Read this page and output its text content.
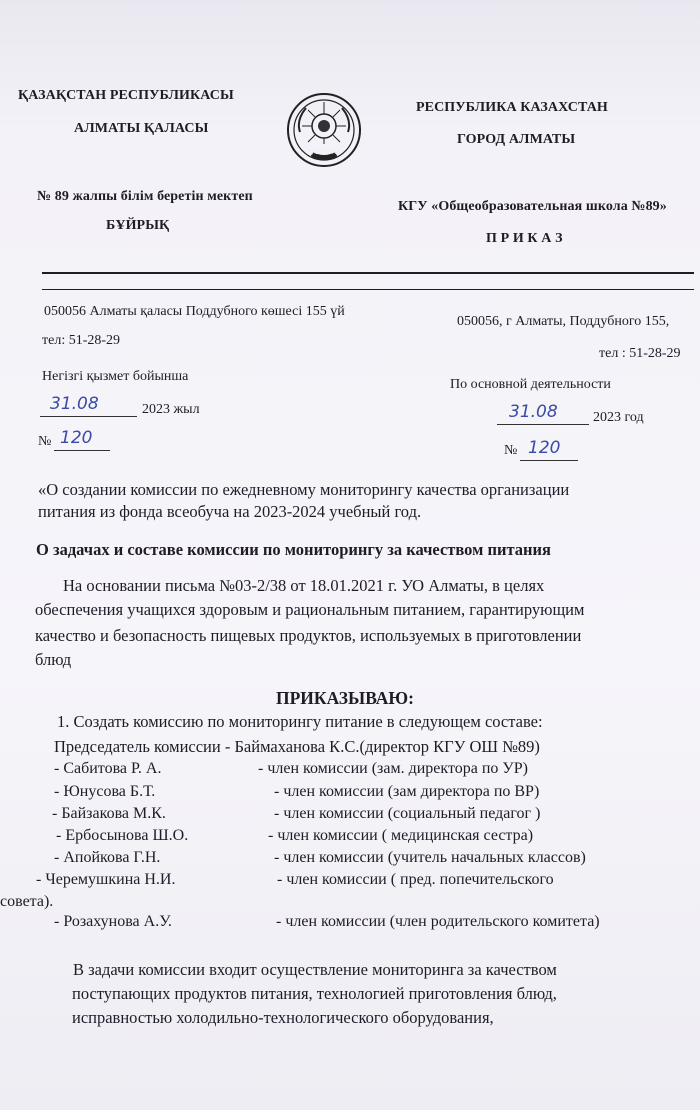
ҚАЗАҚСТАН РЕСПУБЛИКАСЫ
АЛМАТЫ ҚАЛАСЫ
ҚАЗАҚСТАН
РЕСПУБЛИКА КАЗАХСТАН
ГОРОД АЛМАТЫ
№ 89 жалпы білім беретін мектеп
БҰЙРЫҚ
КГУ «Общеобразовательная школа №89»
П Р И К А З
050056 Алматы қаласы Поддубного көшесі 155 үй
050056, г Алматы, Поддубного 155,
тел: 51-28-29
тел : 51-28-29
Негізгі қызмет бойынша
По основной деятельности
31.08	2023 жыл	31.08	2023 год
№ 120
№ 120
«О создании комиссии по ежедневному мониторингу качества организации
питания из фонда всеобуча на 2023-2024 учебный год.
О задачах и составе комиссии по мониторингу за качеством питания
На основании письма №03-2/38 от 18.01.2021 г. УО Алматы, в целях
обеспечения учащихся здоровым и рациональным питанием, гарантирующим
качество и безопасность пищевых продуктов, используемых в приготовлении
блюд
ПРИКАЗЫВАЮ:
1. Создать комиссию по мониторингу питание в следующем составе:
Председатель комиссии - Баймаханова К.С.(директор КГУ ОШ №89)
- Сабитова Р. А.	- член комиссии (зам. директора по УР)
- Юнусова Б.Т.	- член комиссии (зам директора по ВР)
- Байзакова М.К.	- член комиссии (социальный педагог )
- Ербосынова Ш.О.	- член комиссии ( медицинская сестра)
- Апойкова Г.Н.	- член комиссии (учитель начальных классов)
- Черемушкина Н.И.	- член комиссии ( пред. попечительского
совета).
- Розахунова А.У.	- член комиссии (член родительского комитета)
В задачи комиссии входит осуществление мониторинга за качеством
поступающих продуктов питания, технологией приготовления блюд,
исправностью холодильно-технологического оборудования,
